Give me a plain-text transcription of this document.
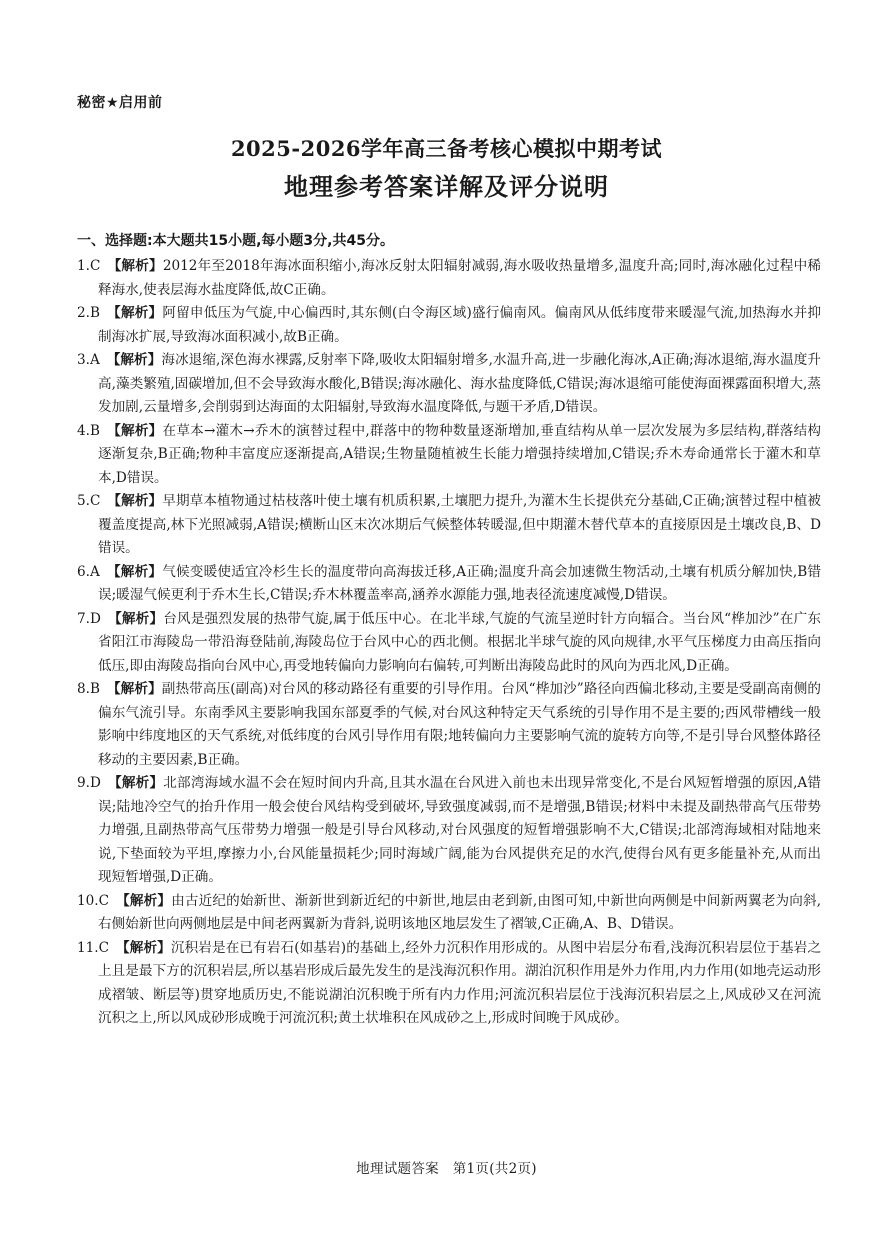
秘密★启用前
2025-2026学年高三备考核心模拟中期考试
地理参考答案详解及评分说明
一、选择题:本大题共15小题,每小题3分,共45分。
1.C　 【解析】2012年至2018年海冰面积缩小,海冰反射太阳辐射减弱,海水吸收热量增多,温度升高;同时,海冰融化过程中稀释海水,使表层海水盐度降低,故C正确。
2.B　 【解析】阿留申低压为气旋,中心偏西时,其东侧(白令海区域)盛行偏南风。偏南风从低纬度带来暖湿气流,加热海水并抑制海冰扩展,导致海冰面积减小,故B正确。
3.A　 【解析】海冰退缩,深色海水裸露,反射率下降,吸收太阳辐射增多,水温升高,进一步融化海冰,A正确;海冰退缩,海水温度升高,藻类繁殖,固碳增加,但不会导致海水酸化,B错误;海冰融化、海水盐度降低,C错误;海冰退缩可能使海面裸露面积增大,蒸发加剧,云量增多,会削弱到达海面的太阳辐射,导致海水温度降低,与题干矛盾,D错误。
4.B　 【解析】在草本→灌木→乔木的演替过程中,群落中的物种数量逐渐增加,垂直结构从单一层次发展为多层结构,群落结构逐渐复杂,B正确;物种丰富度应逐渐提高,A错误;生物量随植被生长能力增强持续增加,C错误;乔木寿命通常长于灌木和草本,D错误。
5.C　 【解析】早期草本植物通过枯枝落叶使土壤有机质积累,土壤肥力提升,为灌木生长提供充分基础,C正确;演替过程中植被覆盖度提高,林下光照减弱,A错误;横断山区末次冰期后气候整体转暖湿,但中期灌木替代草本的直接原因是土壤改良,B、D错误。
6.A　 【解析】气候变暖使适宜冷杉生长的温度带向高海拔迁移,A正确;温度升高会加速微生物活动,土壤有机质分解加快,B错误;暖湿气候更利于乔木生长,C错误;乔木林覆盖率高,涵养水源能力强,地表径流速度减慢,D错误。
7.D　 【解析】台风是强烈发展的热带气旋,属于低压中心。在北半球,气旋的气流呈逆时针方向辐合。当台风“桦加沙”在广东省阳江市海陵岛一带沿海登陆前,海陵岛位于台风中心的西北侧。根据北半球气旋的风向规律,水平气压梯度力由高压指向低压,即由海陵岛指向台风中心,再受地转偏向力影响向右偏转,可判断出海陵岛此时的风向为西北风,D正确。
8.B　 【解析】副热带高压(副高)对台风的移动路径有重要的引导作用。台风“桦加沙”路径向西偏北移动,主要是受副高南侧的偏东气流引导。东南季风主要影响我国东部夏季的气候,对台风这种特定天气系统的引导作用不是主要的;西风带槽线一般影响中纬度地区的天气系统,对低纬度的台风引导作用有限;地转偏向力主要影响气流的旋转方向等,不是引导台风整体路径移动的主要因素,B正确。
9.D　 【解析】北部湾海域水温不会在短时间内升高,且其水温在台风进入前也未出现异常变化,不是台风短暂增强的原因,A错误;陆地冷空气的抬升作用一般会使台风结构受到破坏,导致强度减弱,而不是增强,B错误;材料中未提及副热带高气压带势力增强,且副热带高气压带势力增强一般是引导台风移动,对台风强度的短暂增强影响不大,C错误;北部湾海域相对陆地来说,下垫面较为平坦,摩擦力小,台风能量损耗少;同时海域广阔,能为台风提供充足的水汽,使得台风有更多能量补充,从而出现短暂增强,D正确。
10.C　 【解析】由古近纪的始新世、渐新世到新近纪的中新世,地层由老到新,由图可知,中新世向两侧是中间新两翼老为向斜,右侧始新世向两侧地层是中间老两翼新为背斜,说明该地区地层发生了褶皱,C正确,A、B、D错误。
11.C　 【解析】沉积岩是在已有岩石(如基岩)的基础上,经外力沉积作用形成的。从图中岩层分布看,浅海沉积岩层位于基岩之上且是最下方的沉积岩层,所以基岩形成后最先发生的是浅海沉积作用。湖泊沉积作用是外力作用,内力作用(如地壳运动形成褶皱、断层等)贯穿地质历史,不能说湖泊沉积晚于所有内力作用;河流沉积岩层位于浅海沉积岩层之上,风成砂又在河流沉积之上,所以风成砂形成晚于河流沉积;黄土状堆积在风成砂之上,形成时间晚于风成砂。
地理试题答案　第1页(共2页)
